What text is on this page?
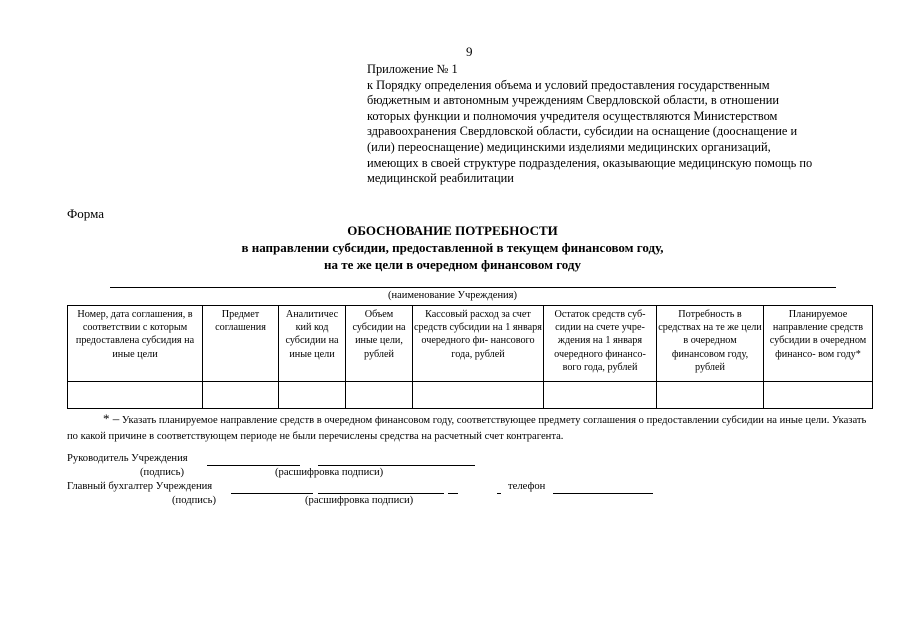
9
Приложение № 1
к Порядку определения объема и условий предоставления государственным
бюджетным и автономным учреждениям Свердловской области, в отношении
которых функции и полномочия учредителя осуществляются Министерством
здравоохранения Свердловской области, субсидии на оснащение (дооснащение и
(или) переоснащение) медицинскими изделиями медицинских организаций,
имеющих в своей структуре подразделения, оказывающие медицинскую помощь по
медицинской реабилитации
Форма
ОБОСНОВАНИЕ ПОТРЕБНОСТИ
в направлении субсидии, предоставленной в текущем финансовом году,
на те же цели в очередном финансовом году
(наименование Учреждения)
Номер, дата соглашения, в соответствии с которым предоставлена субсидия на иные цели	Предмет соглашения	Аналитичес кий код субсидии на иные цели	Объем субсидии на иные цели, рублей	Кассовый расход за счет средств субсидии на 1 января очередного фи- нансового года, рублей	Остаток средств суб- сидии на счете учре- ждения на 1 января очередного финансо- вого года, рублей	Потребность в средствах на те же цели в очередном финансовом году, рублей	Планируемое направление средств субсидии в очередном финансо- вом году*

* – Указать планируемое направление средств в очередном финансовом году, соответствующее предмету соглашения о предоставлении субсидии на иные цели. Указать по какой причине в соответствующем периоде не были перечислены средства на расчетный счет контрагента.
Руководитель Учреждения
(подпись)	(расшифровка подписи)
Главный бухгалтер Учреждения	телефон
(подпись)	(расшифровка подписи)
